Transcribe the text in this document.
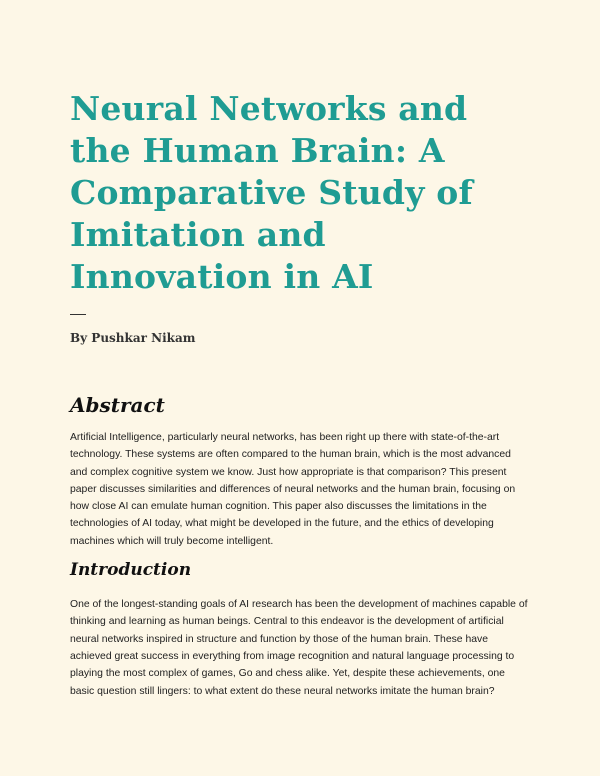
Neural Networks and the Human Brain: A Comparative Study of Imitation and Innovation in AI
By Pushkar Nikam
Abstract

Artificial Intelligence, particularly neural networks, has been right up there with state-of-the-art technology. These systems are often compared to the human brain, which is the most advanced and complex cognitive system we know. Just how appropriate is that comparison? This present paper discusses similarities and differences of neural networks and the human brain, focusing on how close AI can emulate human cognition. This paper also discusses the limitations in the technologies of AI today, what might be developed in the future, and the ethics of developing machines which will truly become intelligent.

Introduction

One of the longest-standing goals of AI research has been the development of machines capable of thinking and learning as human beings. Central to this endeavor is the development of artificial neural networks inspired in structure and function by those of the human brain. These have achieved great success in everything from image recognition and natural language processing to playing the most complex of games, Go and chess alike. Yet, despite these achievements, one basic question still lingers: to what extent do these neural networks imitate the human brain?
